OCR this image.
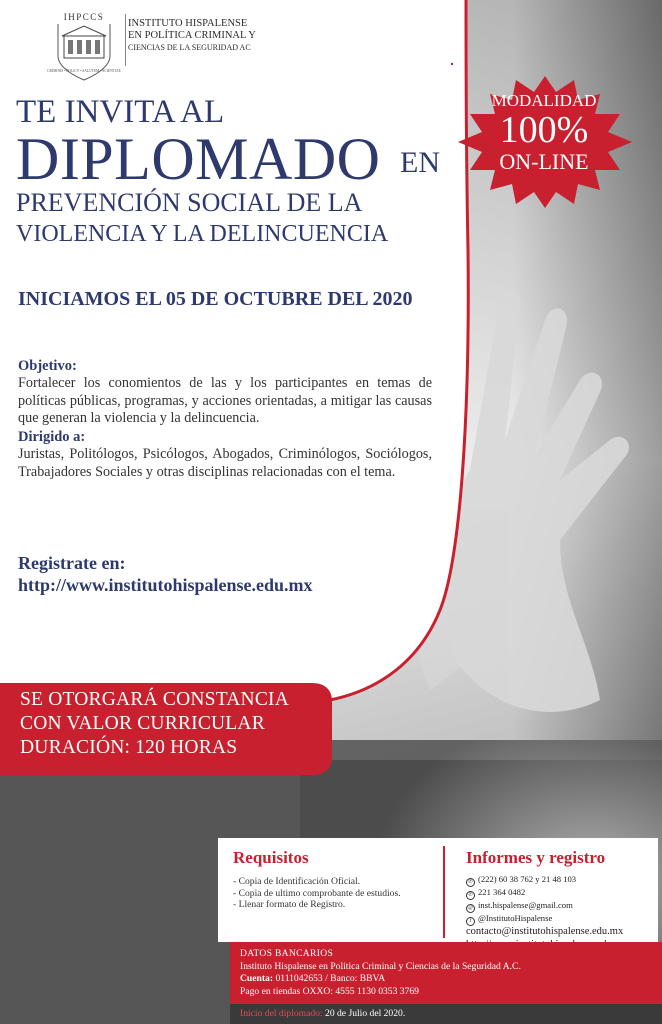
IHPCCS
CRIMINIS • POLICY • SALUTEM • SCIENTIAE
INSTITUTO HISPALENSE
EN POLÍTICA CRIMINAL Y
CIENCIAS DE LA SEGURIDAD AC
TE INVITA AL
DIPLOMADO EN
PREVENCIÓN SOCIAL DE LA
VIOLENCIA Y LA DELINCUENCIA
MODALIDAD
100%
ON-LINE
INICIAMOS EL 05 DE OCTUBRE DEL 2020
Objetivo:
Fortalecer los conomientos de las y los participantes en temas de políticas públicas, programas, y acciones orientadas, a mitigar las causas que generan la violencia y la delincuencia.
Dirigido a:
Juristas, Politólogos, Psicólogos, Abogados, Criminólogos, Sociólogos, Trabajadores Sociales y otras disciplinas relacionadas con el tema.
Registrate en:
http://www.institutohispalense.edu.mx
SE OTORGARÁ CONSTANCIA
CON VALOR CURRICULAR
DURACIÓN: 120 HORAS
Requisitos
- Copia de Identificación Oficial.
- Copia de ultimo comprobante de estudios.
- Llenar formato de Registro.
Informes y registro
✆ (222) 60 38 762 y 21 48 103
✆ 221 364 0482
@ inst.hispalense@gmail.com
f @InstitutoHispalense
contacto@institutohispalense.edu.mx
DATOS BANCARIOS
Instituto Hispalense en Política Criminal y Ciencias de la Seguridad A.C.
Cuenta: 0111042653 / Banco: BBVA
Pago en tiendas OXXO: 4555 1130 0353 3769
Inicio del diplomado: 20 de Julio del 2020.
